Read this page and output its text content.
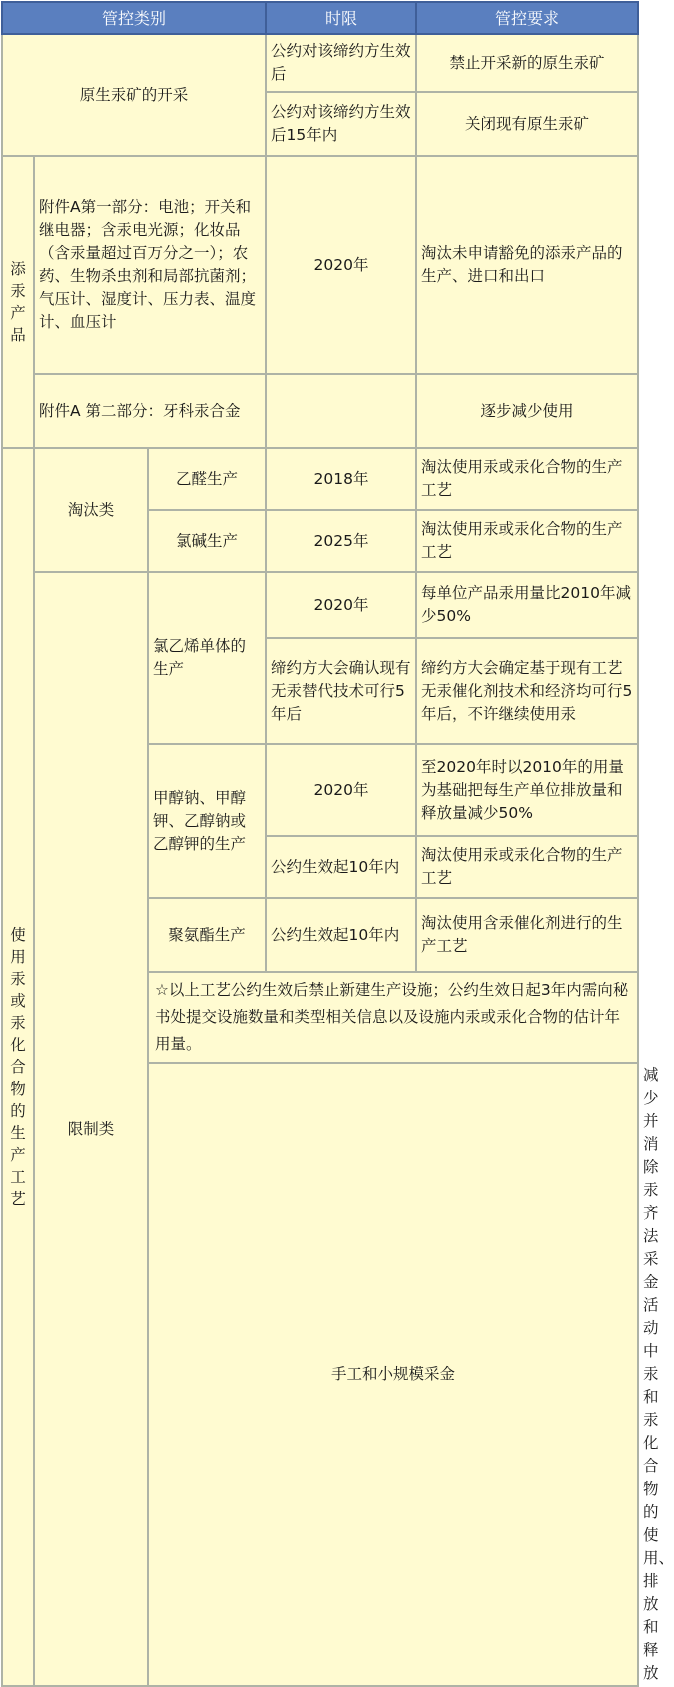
管控类别			时限	管控要求	
原生汞矿的开采			公约对该缔约方生效后	禁止开采新的原生汞矿	
			公约对该缔约方生效后15年内	关闭现有原生汞矿	
添汞产品	附件A第一部分：电池；开关和继电器；含汞电光源；化妆品（含汞量超过百万分之一）；农药、生物杀虫剂和局部抗菌剂；气压计、湿度计、压力表、温度计、血压计		2020年	淘汰未申请豁免的添汞产品的生产、进口和出口	
	附件A 第二部分：牙科汞合金			逐步减少使用	
使用汞或汞化合物的生产工艺	淘汰类	乙醛生产	2018年	淘汰使用汞或汞化合物的生产工艺	
		氯碱生产	2025年	淘汰使用汞或汞化合物的生产工艺	
	限制类	氯乙烯单体的生产	2020年	每单位产品汞用量比2010年减少50%	
			缔约方大会确认现有无汞替代技术可行5年后	缔约方大会确定基于现有工艺无汞催化剂技术和经济均可行5年后，不许继续使用汞	
		甲醇钠、甲醇钾、乙醇钠或乙醇钾的生产	2020年	至2020年时以2010年的用量为基础把每生产单位排放量和释放量减少50%	
			公约生效起10年内	淘汰使用汞或汞化合物的生产工艺	
		聚氨酯生产	公约生效起10年内	淘汰使用含汞催化剂进行的生产工艺	
		☆以上工艺公约生效后禁止新建生产设施；公约生效日起3年内需向秘书处提交设施数量和类型相关信息以及设施内汞或汞化合物的估计年用量。			
		手工和小规模采金			减少并消除汞齐法采金活动中汞和汞化合物的使用、排放和释放
